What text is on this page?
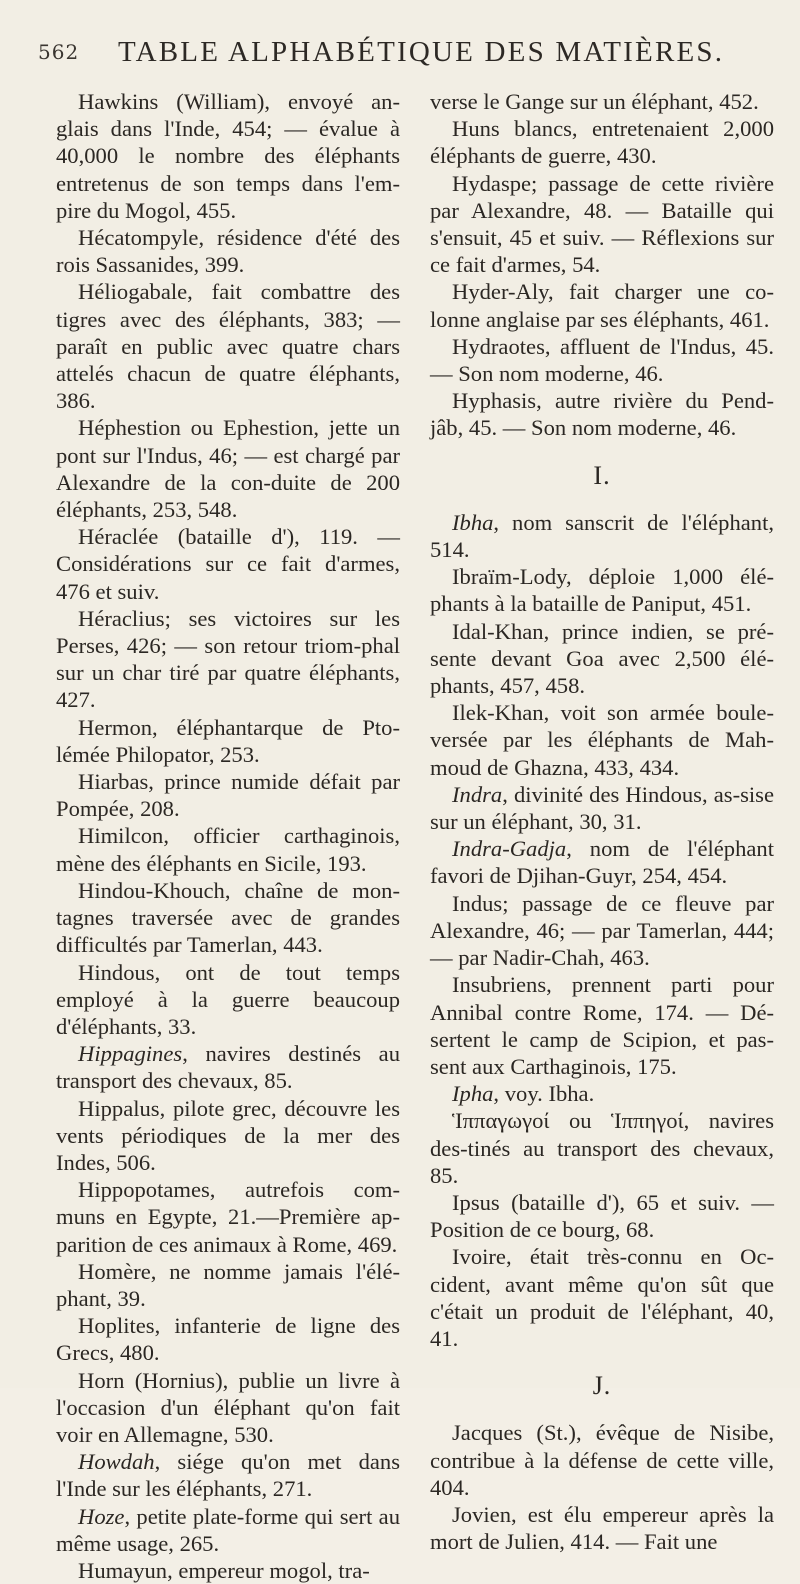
562 TABLE ALPHABÉTIQUE DES MATIÈRES.

Hawkins (William), envoyé an-glais dans l'Inde, 454; — évalue à 40,000 le nombre des éléphants entretenus de son temps dans l'em-pire du Mogol, 455.

Hécatompyle, résidence d'été des rois Sassanides, 399.

Héliogabale, fait combattre des tigres avec des éléphants, 383; — paraît en public avec quatre chars attelés chacun de quatre éléphants, 386.

Héphestion ou Ephestion, jette un pont sur l'Indus, 46; — est chargé par Alexandre de la con-duite de 200 éléphants, 253, 548.

Héraclée (bataille d'), 119. — Considérations sur ce fait d'armes, 476 et suiv.

Héraclius; ses victoires sur les Perses, 426; — son retour triom-phal sur un char tiré par quatre éléphants, 427.

Hermon, éléphantarque de Pto-lémée Philopator, 253.

Hiarbas, prince numide défait par Pompée, 208.

Himilcon, officier carthaginois, mène des éléphants en Sicile, 193.

Hindou-Khouch, chaîne de mon-tagnes traversée avec de grandes difficultés par Tamerlan, 443.

Hindous, ont de tout temps employé à la guerre beaucoup d'éléphants, 33.

Hippagines, navires destinés au transport des chevaux, 85.

Hippalus, pilote grec, découvre les vents périodiques de la mer des Indes, 506.

Hippopotames, autrefois com-muns en Egypte, 21.—Première ap-parition de ces animaux à Rome, 469.

Homère, ne nomme jamais l'élé-phant, 39.

Hoplites, infanterie de ligne des Grecs, 480.

Horn (Hornius), publie un livre à l'occasion d'un éléphant qu'on fait voir en Allemagne, 530.

Howdah, siége qu'on met dans l'Inde sur les éléphants, 271.

Hoze, petite plate-forme qui sert au même usage, 265.

Humayun, empereur mogol, tra-

verse le Gange sur un éléphant, 452.

Huns blancs, entretenaient 2,000 éléphants de guerre, 430.

Hydaspe; passage de cette rivière par Alexandre, 48. — Bataille qui s'ensuit, 45 et suiv. — Réflexions sur ce fait d'armes, 54.

Hyder-Aly, fait charger une co-lonne anglaise par ses éléphants, 461.

Hydraotes, affluent de l'Indus, 45. — Son nom moderne, 46.

Hyphasis, autre rivière du Pend-jâb, 45. — Son nom moderne, 46.

I.

Ibha, nom sanscrit de l'éléphant, 514.

Ibraïm-Lody, déploie 1,000 élé-phants à la bataille de Paniput, 451.

Idal-Khan, prince indien, se pré-sente devant Goa avec 2,500 élé-phants, 457, 458.

Ilek-Khan, voit son armée boule-versée par les éléphants de Mah-moud de Ghazna, 433, 434.

Indra, divinité des Hindous, as-sise sur un éléphant, 30, 31.

Indra-Gadja, nom de l'éléphant favori de Djihan-Guyr, 254, 454.

Indus; passage de ce fleuve par Alexandre, 46; — par Tamerlan, 444; — par Nadir-Chah, 463.

Insubriens, prennent parti pour Annibal contre Rome, 174. — Dé-sertent le camp de Scipion, et pas-sent aux Carthaginois, 175.

Ipha, voy. Ibha.

Ἱππαγωγοί ou Ἱππηγοί, navires des-tinés au transport des chevaux, 85.

Ipsus (bataille d'), 65 et suiv. — Position de ce bourg, 68.

Ivoire, était très-connu en Oc-cident, avant même qu'on sût que c'était un produit de l'éléphant, 40, 41.

J.

Jacques (St.), évêque de Nisibe, contribue à la défense de cette ville, 404.

Jovien, est élu empereur après la mort de Julien, 414. — Fait une
